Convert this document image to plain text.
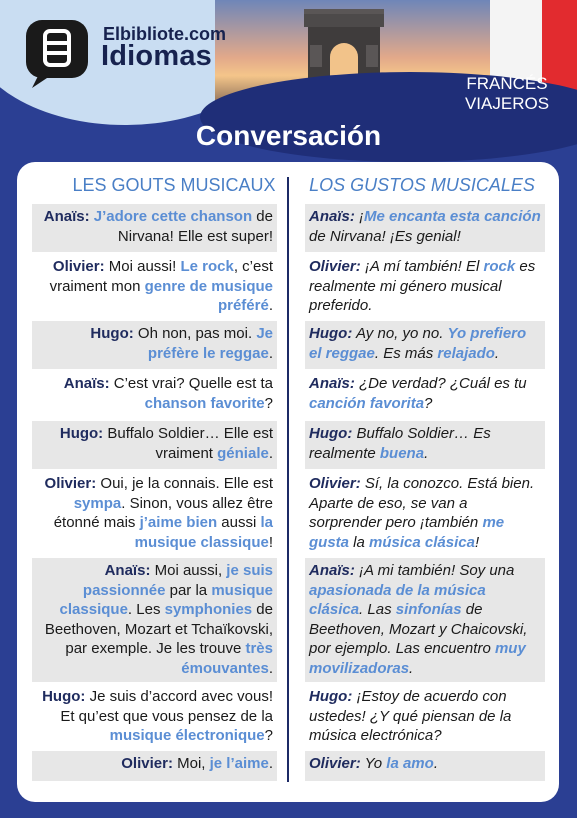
Elbibliote.com
Idiomas
FRANCÉS
VIAJEROS
Conversación
LES GOUTS MUSICAUX	LOS GUSTOS MUSICALES
Anaïs: J’adore cette chanson de Nirvana! Elle est super!
Anaïs: ¡Me encanta esta canción de Nirvana! ¡Es genial!
Olivier: Moi aussi! Le rock, c’est vraiment mon genre de musique préféré.
Olivier: ¡A mí también! El rock es realmente mi género musical preferido.
Hugo: Oh non, pas moi. Je préfère le reggae.
Hugo: Ay no, yo no. Yo prefiero el reggae. Es más relajado.
Anaïs: C’est vrai? Quelle est ta chanson favorite?
Anaïs: ¿De verdad? ¿Cuál es tu canción favorita?
Hugo: Buffalo Soldier… Elle est vraiment géniale.
Hugo: Buffalo Soldier… Es realmente buena.
Olivier: Oui, je la connais. Elle est sympa. Sinon, vous allez être étonné mais j’aime bien aussi la musique classique!
Olivier: Sí, la conozco. Está bien. Aparte de eso, se van a sorprender pero ¡también me gusta la música clásica!
Anaïs: Moi aussi, je suis passionnée par la musique classique. Les symphonies de Beethoven, Mozart et Tchaïkovski, par exemple. Je les trouve très émouvantes.
Anaïs: ¡A mi también! Soy una apasionada de la música clásica. Las sinfonías de Beethoven, Mozart y Chaicovski, por ejemplo. Las encuentro muy movilizadoras.
Hugo: Je suis d’accord avec vous! Et qu’est que vous pensez de la musique électronique?
Hugo: ¡Estoy de acuerdo con ustedes! ¿Y qué piensan de la música electrónica?
Olivier: Moi, je l’aime. Olivier: Yo la amo.
